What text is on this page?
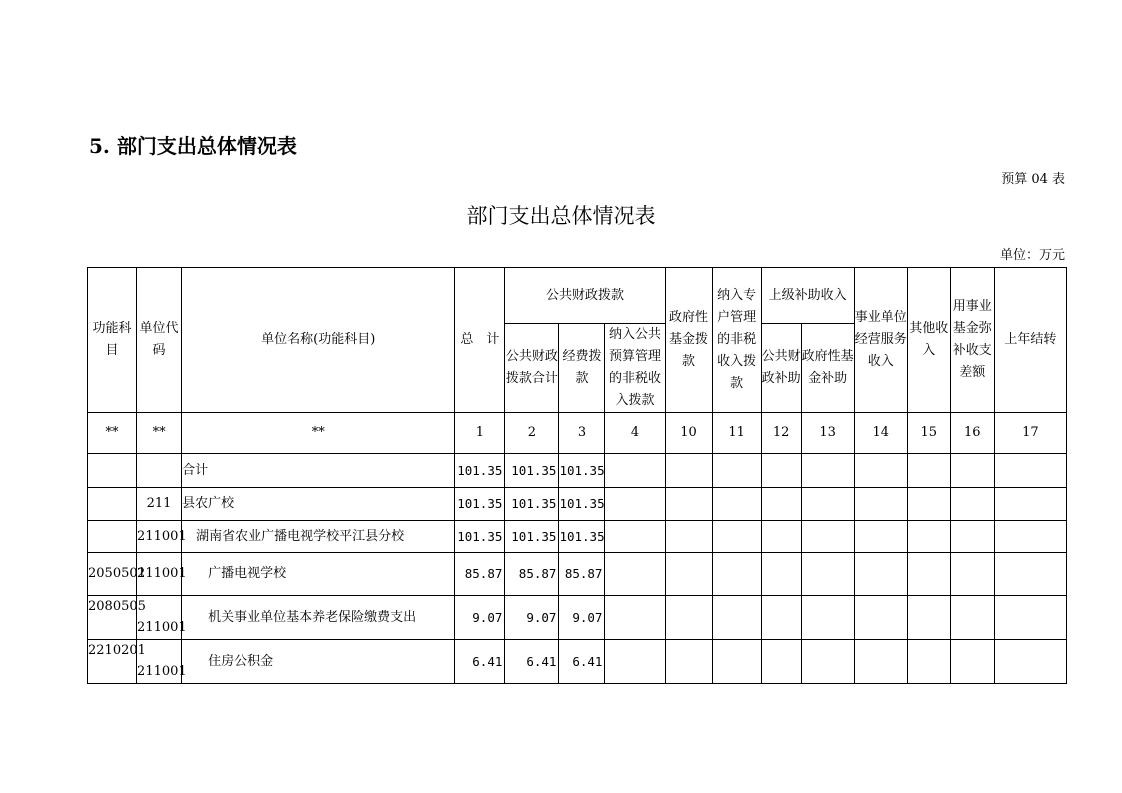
5. 部门支出总体情况表
预算 04 表
部门支出总体情况表
单位：万元
功能科目	单位代码	单位名称(功能科目)	总　计	公共财政拨款			政府性基金拨款	纳入专户管理的非税收入拨款	上级补助收入		事业单位经营服务收入	其他收入	用事业基金弥补收支差额	上年结转
				公共财政拨款合计	经费拨款	纳入公共预算管理的非税收入拨款			公共财政补助	政府性基金补助				
**	**	**	1	2	3	4	10	11	12	13	14	15	16	17
		合计	101.35	101.35	101.35									
	211	县农广校	101.35	101.35	101.35									
	211001	湖南省农业广播电视学校平江县分校	101.35	101.35	101.35									
2050501	211001	广播电视学校	85.87	85.87	85.87									
2080505	211001	机关事业单位基本养老保险缴费支出	9.07	9.07	9.07									
2210201	211001	住房公积金	6.41	6.41	6.41									
